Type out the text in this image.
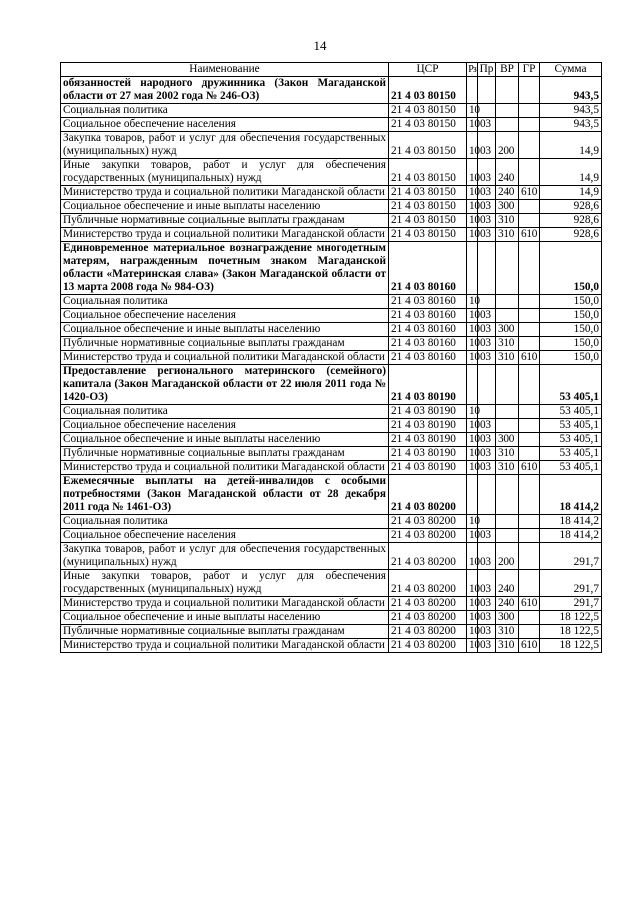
14
Наименование	ЦСР	Рз	Пр	ВР	ГР	Сумма
обязанностей народного дружинника (Закон Магаданской области от 27 мая 2002 года № 246-ОЗ)	21 4 03 80150					943,5
Социальная политика	21 4 03 80150	10				943,5
Социальное обеспечение населения	21 4 03 80150	10	03			943,5
Закупка товаров, работ и услуг для обеспечения государственных (муниципальных) нужд	21 4 03 80150	10	03	200		14,9
Иные закупки товаров, работ и услуг для обеспечения государственных (муниципальных) нужд	21 4 03 80150	10	03	240		14,9
Министерство труда и социальной политики Магаданской области	21 4 03 80150	10	03	240	610	14,9
Социальное обеспечение и иные выплаты населению	21 4 03 80150	10	03	300		928,6
Публичные нормативные социальные выплаты гражданам	21 4 03 80150	10	03	310		928,6
Министерство труда и социальной политики Магаданской области	21 4 03 80150	10	03	310	610	928,6
Единовременное материальное вознаграждение многодетным матерям, награжденным почетным знаком Магаданской области «Материнская слава» (Закон Магаданской области от 13 марта 2008 года № 984-ОЗ)	21 4 03 80160					150,0
Социальная политика	21 4 03 80160	10				150,0
Социальное обеспечение населения	21 4 03 80160	10	03			150,0
Социальное обеспечение и иные выплаты населению	21 4 03 80160	10	03	300		150,0
Публичные нормативные социальные выплаты гражданам	21 4 03 80160	10	03	310		150,0
Министерство труда и социальной политики Магаданской области	21 4 03 80160	10	03	310	610	150,0
Предоставление регионального материнского (семейного) капитала (Закон Магаданской области от 22 июля 2011 года № 1420-ОЗ)	21 4 03 80190					53 405,1
Социальная политика	21 4 03 80190	10				53 405,1
Социальное обеспечение населения	21 4 03 80190	10	03			53 405,1
Социальное обеспечение и иные выплаты населению	21 4 03 80190	10	03	300		53 405,1
Публичные нормативные социальные выплаты гражданам	21 4 03 80190	10	03	310		53 405,1
Министерство труда и социальной политики Магаданской области	21 4 03 80190	10	03	310	610	53 405,1
Ежемесячные выплаты на детей-инвалидов с особыми потребностями (Закон Магаданской области от 28 декабря 2011 года № 1461-ОЗ)	21 4 03 80200					18 414,2
Социальная политика	21 4 03 80200	10				18 414,2
Социальное обеспечение населения	21 4 03 80200	10	03			18 414,2
Закупка товаров, работ и услуг для обеспечения государственных (муниципальных) нужд	21 4 03 80200	10	03	200		291,7
Иные закупки товаров, работ и услуг для обеспечения государственных (муниципальных) нужд	21 4 03 80200	10	03	240		291,7
Министерство труда и социальной политики Магаданской области	21 4 03 80200	10	03	240	610	291,7
Социальное обеспечение и иные выплаты населению	21 4 03 80200	10	03	300		18 122,5
Публичные нормативные социальные выплаты гражданам	21 4 03 80200	10	03	310		18 122,5
Министерство труда и социальной политики Магаданской области	21 4 03 80200	10	03	310	610	18 122,5
